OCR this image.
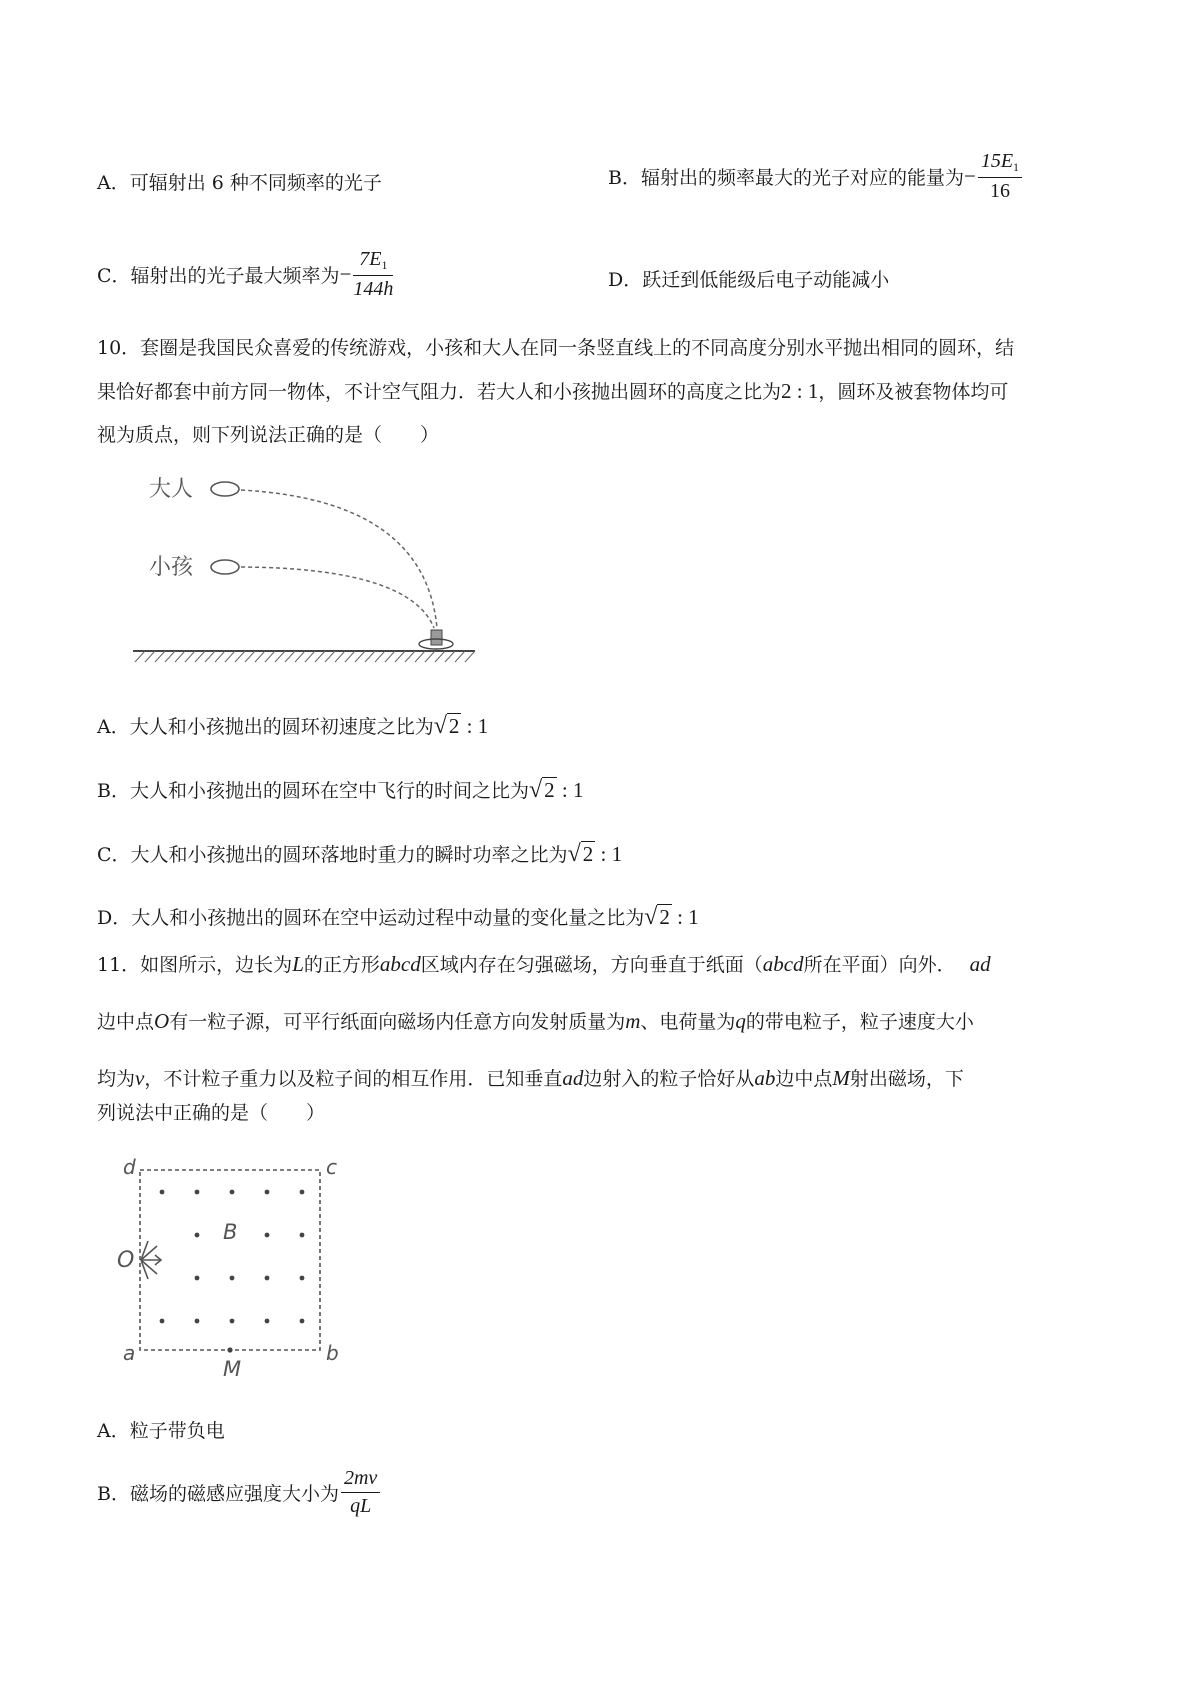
A．可辐射出 6 种不同频率的光子	B．辐射出的频率最大的光子对应的能量为− $\frac{15E_1}{16}$
C．辐射出的光子最大频率为− $\frac{7E_1}{144h}$	D．跃迁到低能级后电子动能减小
10．套圈是我国民众喜爱的传统游戏，小孩和大人在同一条竖直线上的不同高度分别水平抛出相同的圆环，结
果恰好都套中前方同一物体，不计空气阻力．若大人和小孩抛出圆环的高度之比为2 : 1，圆环及被套物体均可
视为质点，则下列说法正确的是（　　）
大人
小孩
A．大人和小孩抛出的圆环初速度之比为√2 : 1
B．大人和小孩抛出的圆环在空中飞行的时间之比为√2 : 1
C．大人和小孩抛出的圆环落地时重力的瞬时功率之比为√2 : 1
D．大人和小孩抛出的圆环在空中运动过程中动量的变化量之比为√2 : 1
11．如图所示，边长为L的正方形abcd区域内存在匀强磁场，方向垂直于纸面（abcd所在平面）向外． ad
边中点O有一粒子源，可平行纸面向磁场内任意方向发射质量为m、电荷量为q的带电粒子，粒子速度大小
均为v，不计粒子重力以及粒子间的相互作用．已知垂直ad边射入的粒子恰好从ab边中点M射出磁场，下
列说法中正确的是（　　）
d	c
a	b
O
B
M
A．粒子带负电
B．磁场的磁感应强度大小为 $\frac{2mv}{qL}$
